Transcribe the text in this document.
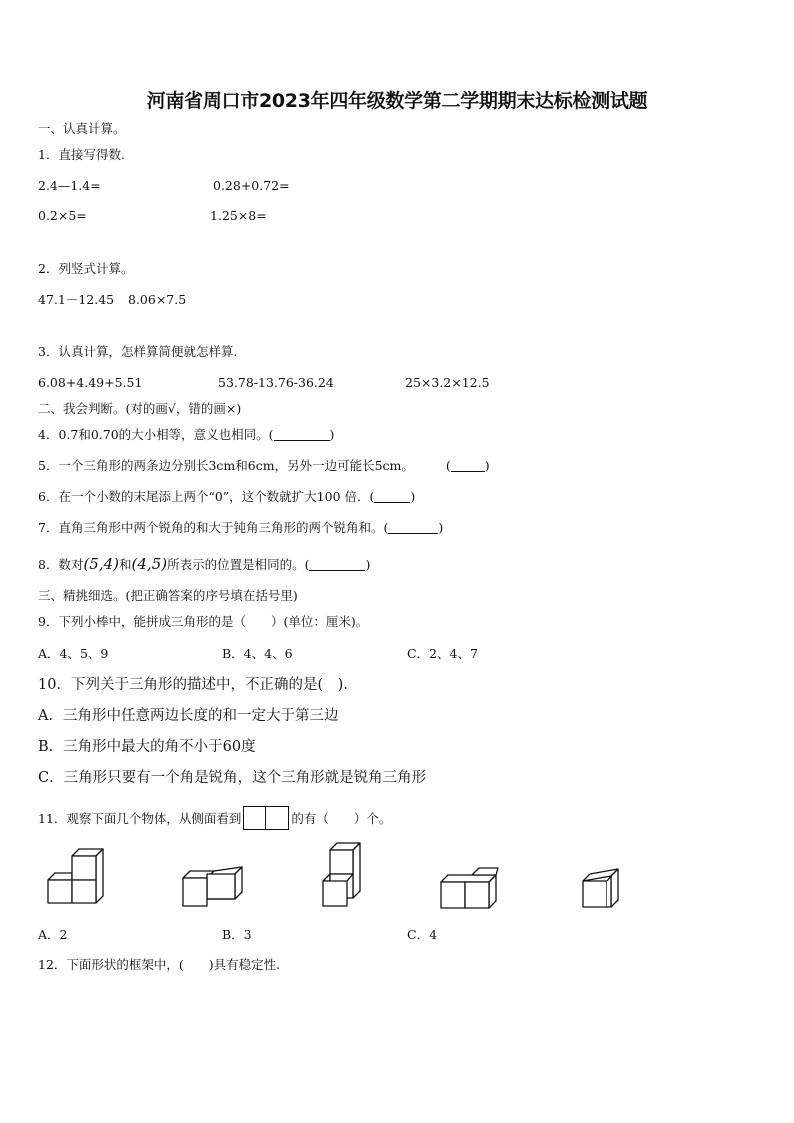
河南省周口市2023年四年级数学第二学期期末达标检测试题
一、认真计算。
1．直接写得数.
2.4—1.4=	0.28+0.72=
0.2×5=	1.25×8=
2．列竖式计算。
47.1－12.45 8.06×7.5
3．认真计算，怎样算简便就怎样算.
6.08+4.49+5.51	53.78-13.76-36.24	25×3.2×12.5
二、我会判断。(对的画√，错的画×)
4．0.7和0.70的大小相等，意义也相同。(	)
5．一个三角形的两条边分别长3cm和6cm，另外一边可能长5cm。	(	)
6．在一个小数的末尾添上两个“0”，这个数就扩大100 倍．(	)
7．直角三角形中两个锐角的和大于钝角三角形的两个锐角和。(	)
8．数对(5,4)和(4,5)所表示的位置是相同的。(	)
三、精挑细选。(把正确答案的序号填在括号里)
9．下列小棒中，能拼成三角形的是（　　）(单位：厘米)。
A．4、5、9	B．4、4、6	C．2、4、7
10．下列关于三角形的描述中，不正确的是(　).
A．三角形中任意两边长度的和一定大于第三边
B．三角形中最大的角不小于60度
C．三角形只要有一个角是锐角，这个三角形就是锐角三角形
11．观察下面几个物体，从侧面看到	的有（　　）个。
A．2	B．3	C．4
12．下面形状的框架中，(　　)具有稳定性.
